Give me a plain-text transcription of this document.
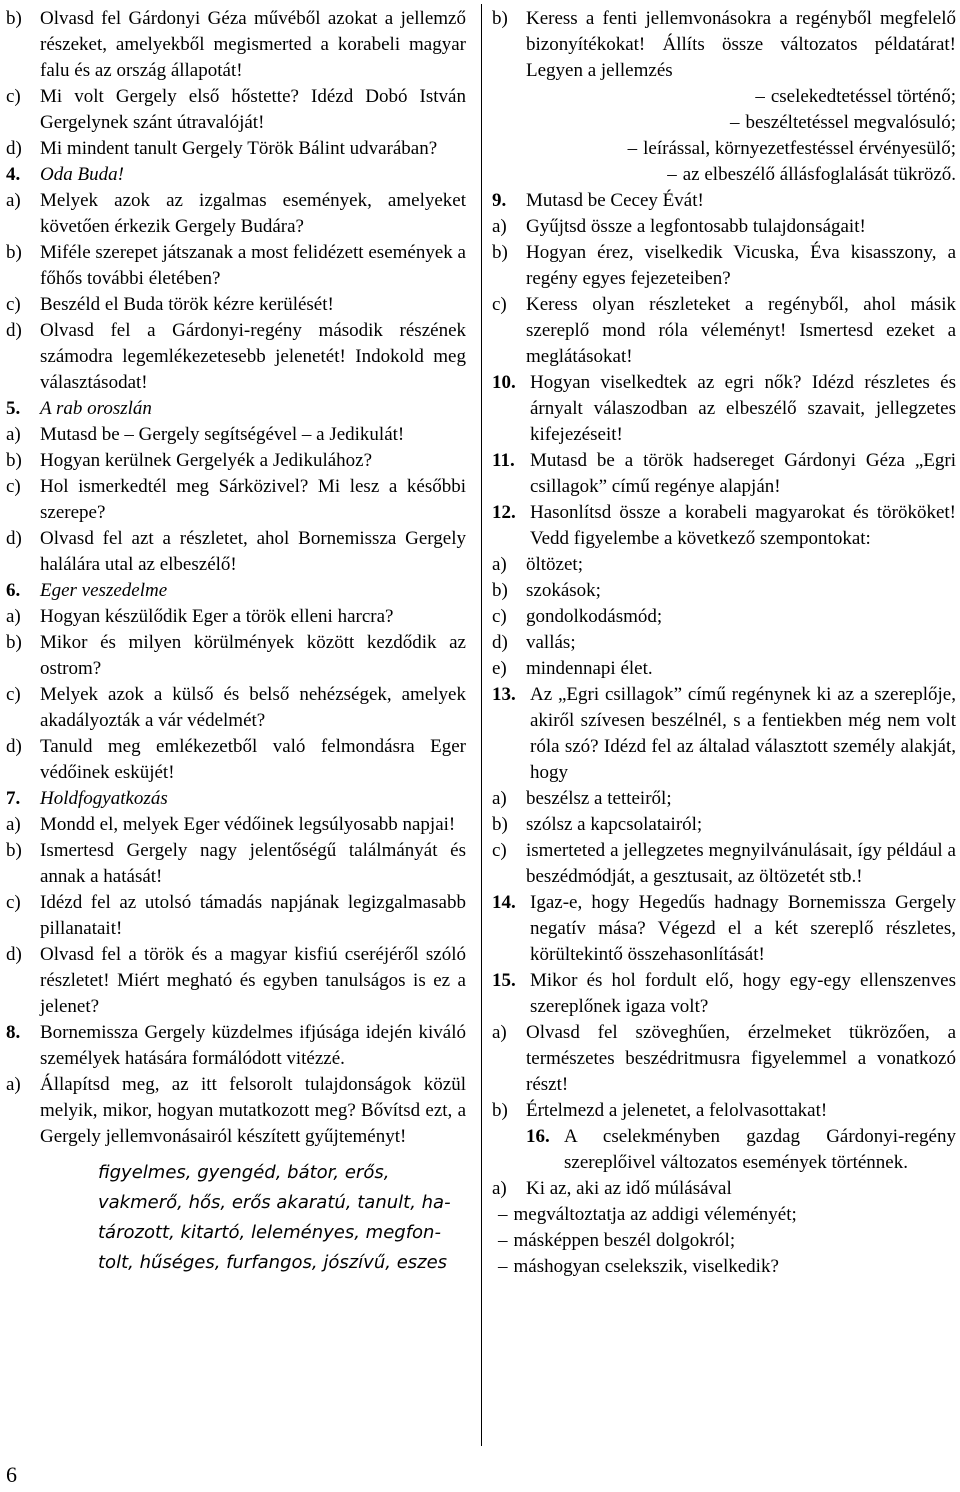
b) Olvasd fel Gárdonyi Géza művéből azokat a jellemző részeket, amelyekből megismerted a korabeli magyar falu és az ország állapotát!
c)	Mi volt Gergely első hőstette? Idézd Dobó István Gergelynek szánt útravalóját!
d) Mi mindent tanult Gergely Török Bálint udvarában?
4.	Oda Buda!
a)	Melyek azok az izgalmas események, amelyeket követően érkezik Gergely Budára?
b) Miféle szerepet játszanak a most felidézett események a főhős további életében?
c)	Beszéld el Buda török kézre kerülését!
d) Olvasd fel a Gárdonyi-regény második részének számodra legemlékezetesebb jelenetét! Indokold meg választásodat!
5.	A rab oroszlán
a)	Mutasd be – Gergely segítségével – a Jedikulát!
b) Hogyan kerülnek Gergelyék a Jedikulához?
c)	Hol ismerkedtél meg Sárközivel? Mi lesz a későbbi szerepe?
d) Olvasd fel azt a részletet, ahol Bornemissza Gergely halálára utal az elbeszélő!
6.	Eger veszedelme
a)	Hogyan készülődik Eger a török elleni harcra?
b) Mikor és milyen körülmények között kezdődik az ostrom?
c)	Melyek azok a külső és belső nehézségek, amelyek akadályozták a vár védelmét?
d) Tanuld meg emlékezetből való felmondásra Eger védőinek esküjét!
7.	Holdfogyatkozás
a)	Mondd el, melyek Eger védőinek legsúlyosabb napjai!
b) Ismertesd Gergely nagy jelentőségű találmányát és annak a hatását!
c)	Idézd fel az utolsó támadás napjának legizgalmasabb pillanatait!
d) Olvasd fel a török és a magyar kisfiú cseréjéről szóló részletet! Miért megható és egyben tanulságos is ez a jelenet?
8.	Bornemissza Gergely küzdelmes ifjúsága idején kiváló személyek hatására formálódott vitézzé.
a)	Állapítsd meg, az itt felsorolt tulajdonságok közül melyik, mikor, hogyan mutatkozott meg? Bővítsd ezt, a Gergely jellemvonásairól készített gyűjteményt!
figyelmes, gyengéd, bátor, erős,
vakmerő, hős, erős akaratú, tanult, ha-
tározott, kitartó, leleményes, megfon-
tolt, hűséges, furfangos, jószívű, eszes
b) Keress a fenti jellemvonásokra a regényből megfelelő bizonyítékokat! Állíts össze változatos példatárat! Legyen a jellemzés
– cselekedtetéssel történő;
– beszéltetéssel megvalósuló;
– leírással, környezetfestéssel érvényesülő;
– az elbeszélő állásfoglalását tükröző.
9.	Mutasd be Cecey Évát!
a)	Gyűjtsd össze a legfontosabb tulajdonságait!
b) Hogyan érez, viselkedik Vicuska, Éva kisasszony, a regény egyes fejezeteiben?
c)	Keress olyan részleteket a regényből, ahol másik szereplő mond róla véleményt! Ismertesd ezeket a meglátásokat!
10. Hogyan viselkedtek az egri nők? Idézd részletes és árnyalt válaszodban az elbeszélő szavait, jellegzetes kifejezéseit!
11. Mutasd be a török hadsereget Gárdonyi Géza „Egri csillagok” című regénye alapján!
12. Hasonlítsd össze a korabeli magyarokat és törököket! Vedd figyelembe a következő szempontokat:
a)	öltözet;
b) szokások;
c)	gondolkodásmód;
d) vallás;
e)	mindennapi élet.
13. Az „Egri csillagok” című regénynek ki az a szereplője, akiről szívesen beszélnél, s a fentiekben még nem volt róla szó? Idézd fel az általad választott személy alakját, hogy
a)	beszélsz a tetteiről;
b) szólsz a kapcsolatairól;
c)	ismerteted a jellegzetes megnyilvánulásait, így például a beszédmódját, a gesztusait, az öltözetét stb.!
14. Igaz-e, hogy Hegedűs hadnagy Bornemissza Gergely negatív mása? Végezd el a két szereplő részletes, körültekintő összehasonlítását!
15. Mikor és hol fordult elő, hogy egy-egy ellenszenves szereplőnek igaza volt?
a)	Olvasd fel szöveghűen, érzelmeket tükrözően, a természetes beszédritmusra figyelemmel a vonatkozó részt!
b) Értelmezd a jelenetet, a felolvasottakat!
16. A cselekményben gazdag Gárdonyi-regény szereplőivel változatos események történnek.
a)	Ki az, aki az idő múlásával
– megváltoztatja az addigi véleményét;
– másképpen beszél dolgokról;
– máshogyan cselekszik, viselkedik?
6
